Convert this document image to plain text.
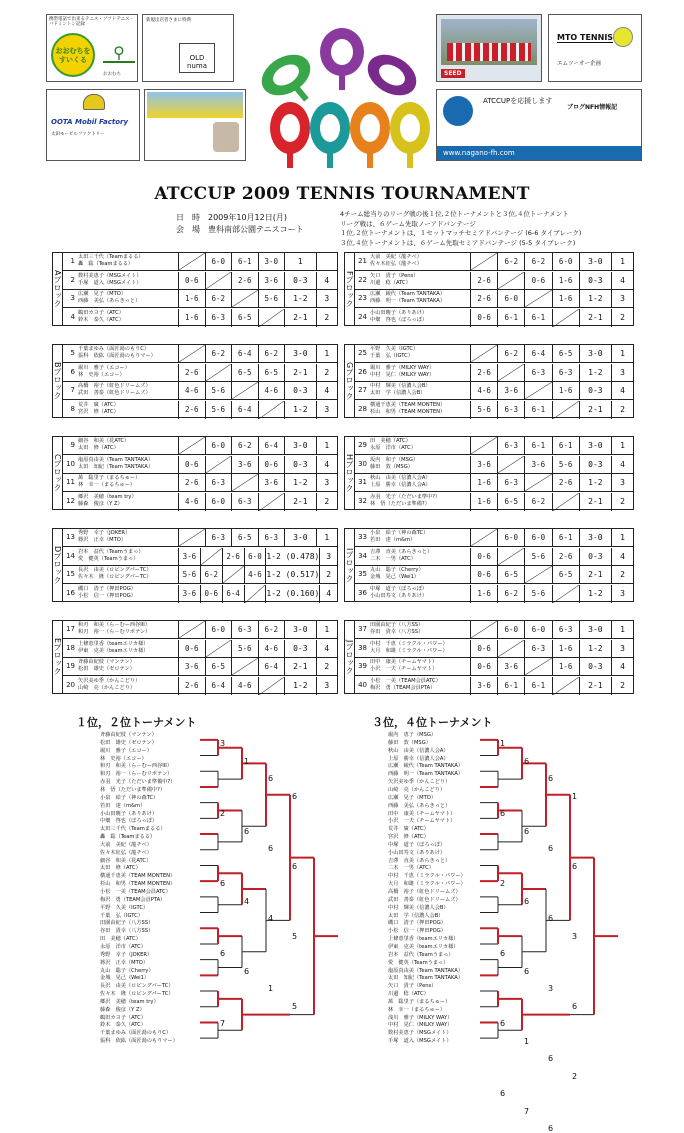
携帯電話で出来るテニス・ソフトテニス・バドミントン記録
おおむちを すいくる	⚲
おおむち
新規出店者さまに特典
OLD numa
SEED
MTO TENNIS
エムツーオー企画
OOTA Mobil Factory
太田モービルファクトリー
ATCCUPを応援します
ブログNFH情報記
www.nagano-fh.com
ATCCUP 2009 TENNIS TOURNAMENT
日　時　 2009年10月12日(月)
会　場　 豊科南部公園テニスコート
4チーム総当りのリーグ戦の後１位,２位トーナメントと３位,４位トーナメント
リーグ戦は、６ゲーム先取ノーアドバンテージ
１位,２位トーナメントは、１セットマッチセミアドバンテージ (6-6 タイブレーク)
３位,４位トーナメントは、６ゲーム先取セミアドバンテージ (5-5 タイブレーク)
Aブロック
1 太田三千代（Teamまるる）
轟　聡（Teamまるる）	6-0	6-1	3-0	1
2 数村美恵子（MSGメイト）
手塚　道入（MSGメイト）	0-6	2-6	3-6	0-3	4
3 広瀬　晃子（MTO）
西藤　美弘（あらきっと）	1-6	6-2	5-6	1-2	3
4 鶴田カヨ子（ATC）
鈴木　泰久（ATC）	1-6	6-3	6-5	2-1	2
Bブロック
5 千葉まゆみ（面匠湯のもりC）
張科　依紘（面匠湯のもりマー）	6-2	6-4	6-2	3-0	1
6 堀川　雅子（エコー）
林　史裕（エコー）	2-6	6-5	6-5	2-1	2
7 高橋　裕子（虹色ドリームズ）
武田　善泰（虹色ドリームズ）	4-6	5-6	4-6	0-3	4
8 荒井　廣（ATC）
宮沢　修（ATC）	2-6	5-6	6-4	1-2	3
Cブロック
9 細谷　和美（花ATC）
太田　修（ATC）	6-0	6-2	6-4	3-0	1
10 塩原真由美（Team TANTAKA）
太田　知紀（Team TANTAKA）	0-6	3-6	0-6	0-3	4
11 萬　聡里子（まるちゅー）
林　幸一（まるちゅー）	2-6	6-3	3-6	1-2	3
12 郷沢　美穂（team try）
藤森　俊彦（Y Z）	4-6	6-0	6-3	2-1	2
Dブロック
13 秀野　幸子（JOKER）
篠沢　正幸（MTO）	6-3	6-5	6-3	3-0	1
14 岩本　益代（Teamうまっ）
愛　健英（Teamうまっ）	3-6	2-6	6-0 1-2 (0.478) 3
15 長沢　由美（ロピングパーTC）
佐々木　隆（ロピングパーTC）	5-6	6-2	4-6 1-2 (0.517) 2
16 磯口　清子（押田POG）
小松　信一（押田POG）	3-6	0-6	6-4	1-2 (0.160) 4
Eブロック
17 和刃　和美（ら－むー西谷III）
和刃　裕一（ら－むリポテン）	6-0	6-3	6-2	3-0	1
18 上條恵里香（teamエリカ様）
伊東　克美（teamエリカ様）	0-6	5-6	4-6	0-3	4
19 斉藤由紀枝（マンテン）
松田　雄史（ゼロテン）	3-6	6-5	6-4	2-1	2
20 矢沢美ゆ季（かんこどり）
山崎　亮（かんこどり）	2-6	6-4	4-6	1-2	3
Fブロック
21 大前　美紀（龍チベ）
佐々木征弘（龍チベ）	6-2	6-2	6-0	3-0	1
22 矢口　貴子（Pens）
川邊　稔（ATC）	2-6	0-6	1-6	0-3	4
23 広瀬　綾代（Team TANTAKA）
西藤　明一（Team TANTAKA）	2-6	6-0	1-6	1-2	3
24 小山田暁子（ありあけ）
中畑　啓也（ぼろっぽ）	0-6	6-1	6-1	2-1	2
Gブロック
25 平野　久美（IGTC）
千葉　弘（IGTC）	6-2	6-4	6-5	3-0	1
26 堀川　雅子（MILKY WAY）
中村　晃仁（MILKY WAY）	2-6	6-3	6-3	1-2	3
27 中村　輝美（信濃人会B）
太田　学（信濃人会B）	4-6	3-6	1-6	0-3	4
28 横通千恵美（TEAM MONTEN）
杉山　和男（TEAM MONTEN）	5-6	6-3	6-1	2-1	2
Hブロック
29 田　美穂（ATC）
永原　洋市（ATC）	6-3	6-1	6-1	3-0	1
30 坂内　和子（MSG）
藤田　敦（MSG）	3-6	3-6	5-6	0-3	4
31 秋山　由美（信濃人会A）
上原　勝幸（信濃人会A）	1-6	6-3	2-6	1-2	3
32 赤羽　光子（ただいま準中?）
林　悟（ただいま準備?）	1-6	6-5	6-2	2-1	2
Iブロック
33 小泉　絵子（神の森TC）
若田　達（m&m）	6-0	6-0	6-1	3-0	1
34 吉澤　直美（あらきっと）
二木　一男（ATC）	0-6	5-6	2-6	0-3	4
35 丸山　聡子（Cherry）
金城　晃己（Wei1）	0-6	6-5	6-5	2-1	2
36 中塚　道子（ぼろっぽ）
小山田寿文（ありあけ）	1-6	6-2	5-6	1-2	3
Jブロック
37 田園由紀子（八方SS）
谷田　貴幸（八方SS）	6-0	6-0	6-3	3-0	1
38 中村　千恵（ミラクル・パワー）
大月　和雄（ミラクル・パワー）	0-6	6-3	1-6	1-2	3
39 田中　康美（チームヤマト）
小沢　一夫（チームヤマト）	0-6	3-6	1-6	0-3	4
40 小松　一美（TEAM会員ATC）
梅沢　勇（TEAM会員PTA）	3-6	6-1	6-1	2-1	2
１位，２位トーナメント	３位，４位トーナメント
斉藤由紀枝（マンテン）
松田　雄史（ゼロテン）
堀川　雅子（エコー）
林　史裕（エコー）
和刃　和美（ら－むー西谷III）
和刃　裕一（ら－むリポテン）
赤羽　光子（ただいま準備中?）
林　悟（ただいま準備中?）
小泉　絵子（神の森TC）
若田　達（m&m）
小山田暁子（ありあけ）
中畑　啓也（ぼろっぽ）
太田三千代（Teamまるる）
轟　聡（Teamまるる）
大前　美紀（龍チベ）
佐々木征弘（龍チベ）
細谷　和美（花ATC）
太田　修（ATC）
横通千恵美（TEAM MONTEN）
杉山　和男（TEAM MONTEN）
小松　一美（TEAM会員ATC）
梅沢　勇（TEAM会員PTA）
平野　久美（IGTC）
千葉　弘（IGTC）
田園由紀子（八方SS）
谷田　貴幸（八方SS）
田　美穂（ATC）
永原　洋市（ATC）
秀野　幸子（JOKER）
篠沢　正幸（MTO）
丸山　聡子（Cherry）
金城　晃己（Wei1）
長沢　由美（ロピングパーTC）
佐々木　隆（ロピングパーTC）
郷沢　美穂（team try）
藤森　俊彦（Y Z）
鶴田カヨ子（ATC）
鈴木　泰久（ATC）
千葉まゆみ（面匠湯のもりC）
張科　依紘（面匠湯のもりマー）
3
1
6
6
2
6
6
6
6
4
4
5
6
6
1
5
7
堀内　恵子（MSG）
藤田　敦（MSG）
秋山　由美（信濃人会A）
上原　勝幸（信濃人会A）
広瀬　綾代（Team TANTAKA）
西藤　明一（Team TANTAKA）
矢沢美ゆ季（かんこどり）
山崎　亮（かんこどり）
広瀬　晃子（MTO）
西藤　美弘（あらきっと）
田中　康美（チームヤマト）
小沢　一夫（チームヤマト）
荒井　廣（ATC）
宮沢　修（ATC）
中塚　道子（ぼろっぽ）
小山田寿文（ありあけ）
吉澤　直美（あらきっと）
二木　一男（ATC）
中村　千恵（ミラクル・パワー）
大月　和雄（ミラクル・パワー）
高橋　裕子（虹色ドリームズ）
武田　善泰（虹色ドリームズ）
中村　輝美（信濃人会B）
太田　学（信濃人会B）
磯口　清子（押田POG）
小松　信一（押田POG）
上條恵里香（teamエリカ様）
伊東　克美（teamエリカ様）
岩本　益代（Teamうまっ）
愛　健英（Teamうまっ）
塩原真由美（Team TANTAKA）
太田　知紀（Team TANTAKA）
矢口　貴子（Pens）
川邊　稔（ATC）
萬　聡里子（まるちゅー）
林　幸一（まるちゅー）
浅川　雅子（MILKY WAY）
中村　晃仁（MILKY WAY）
数村美恵子（MSGメイト）
手塚　道入（MSGメイト）
1
6
6
1
6
6
6
6
2
6
6
3
6
6
3
6
6
1
6
2
6
7
6
